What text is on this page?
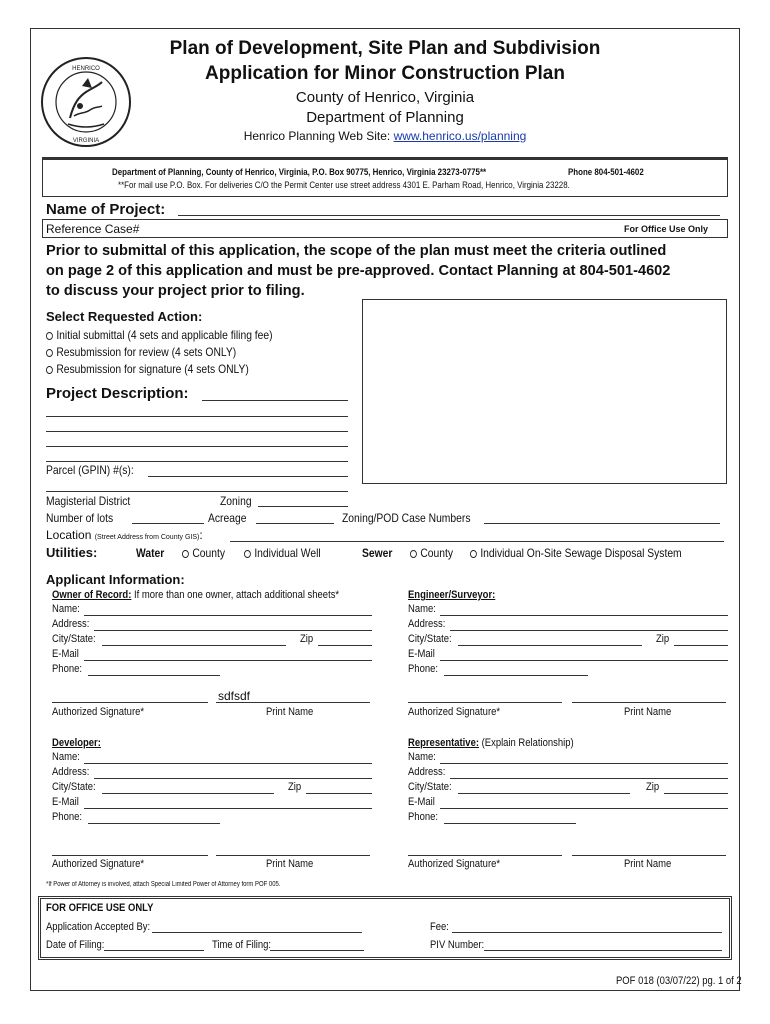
HENRICO
VIRGINIA
Plan of Development, Site Plan and Subdivision
Application for Minor Construction Plan
County of Henrico, Virginia
Department of Planning
Henrico Planning Web Site: www.henrico.us/planning
Department of Planning, County of Henrico, Virginia, P.O. Box 90775, Henrico, Virginia 23273-0775**	Phone 804-501-4602
**For mail use P.O. Box. For deliveries C/O the Permit Center use street address 4301 E. Parham Road, Henrico, Virginia 23228.
Name of Project:
Reference Case#	For Office Use Only
Prior to submittal of this application, the scope of the plan must meet the criteria outlined
on page 2 of this application and must be pre-approved. Contact Planning at 804-501-4602
to discuss your project prior to filing.
Select Requested Action:
Initial submittal (4 sets and applicable filing fee)
Resubmission for review (4 sets ONLY)
Resubmission for signature (4 sets ONLY)
Project Description:
Parcel (GPIN) #(s):
Magisterial District	Zoning
Number of lots	Acreage	Zoning/POD Case Numbers
Location (Street Address from County GIS):
Utilities:	Water	County	Individual Well	Sewer	County	Individual On-Site Sewage Disposal System
Applicant Information:
Owner of Record: If more than one owner, attach additional sheets*
Name:
Address:
City/State:	Zip
E-Mail
Phone:
sdfsdf
Authorized Signature*	Print Name
Engineer/Surveyor:
Name:
Address:
City/State:	Zip
E-Mail
Phone:
Authorized Signature*	Print Name
Developer:
Name:
Address:
City/State:	Zip
E-Mail
Phone:
Authorized Signature*	Print Name
Representative: (Explain Relationship)
Name:
Address:
City/State:	Zip
E-Mail
Phone:
Authorized Signature*	Print Name
*If Power of Attorney is involved, attach Special Limited Power of Attorney form POF 005.
FOR OFFICE USE ONLY
Application Accepted By:	Fee:
Date of Filing:	Time of Filing:	PIV Number:
POF 018 (03/07/22) pg. 1 of 2
